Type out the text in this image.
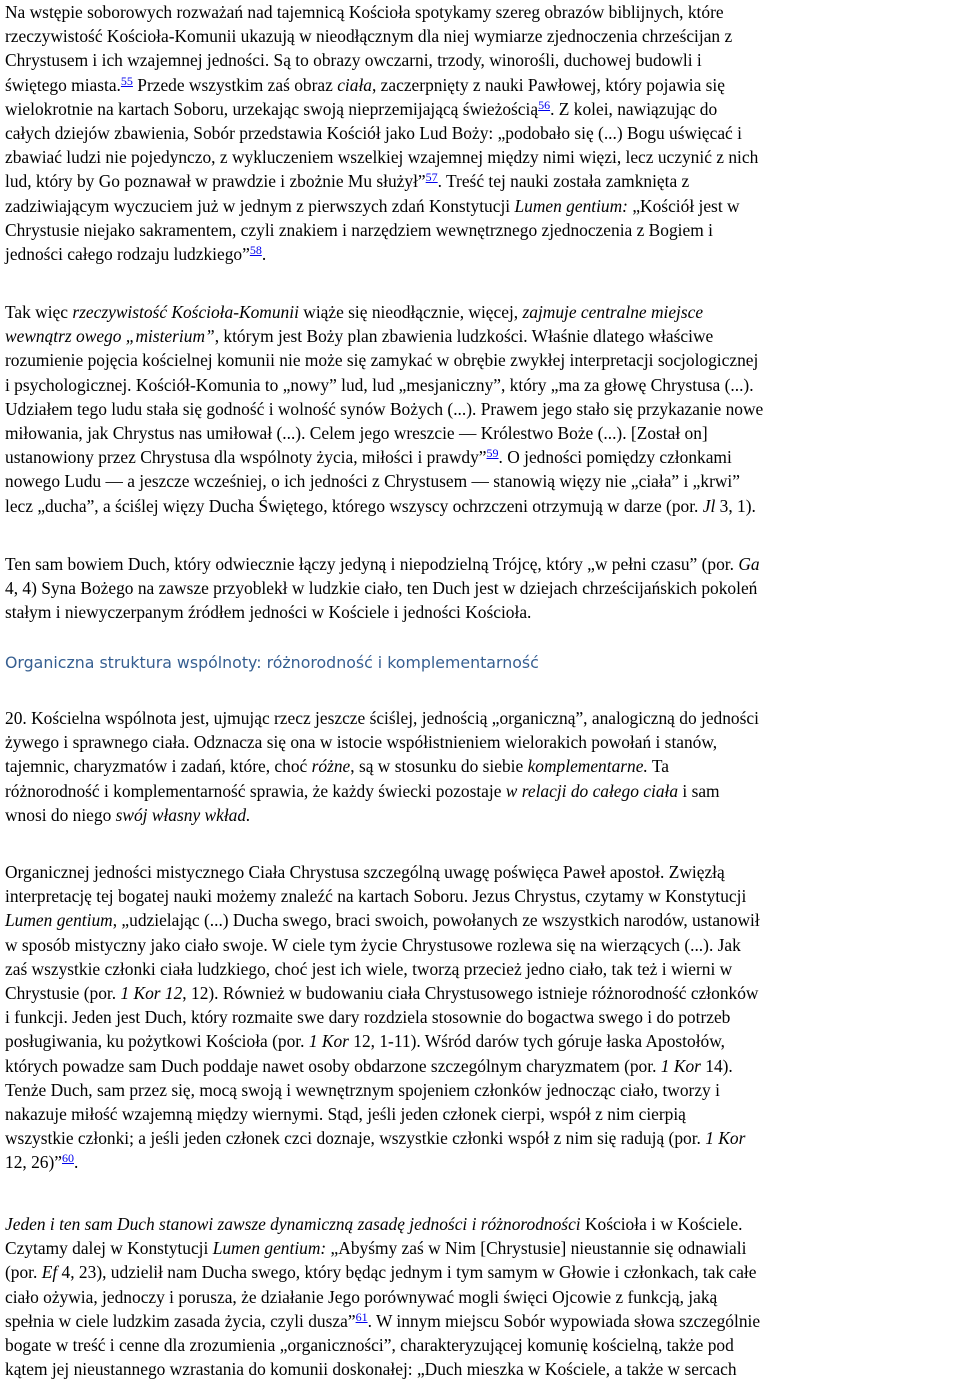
Na wstępie soborowych rozważań nad tajemnicą Kościoła spotykamy szereg obrazów biblijnych, które
rzeczywistość Kościoła-Komunii ukazują w nieodłącznym dla niej wymiarze zjednoczenia chrześcijan z
Chrystusem i ich wzajemnej jedności. Są to obrazy owczarni, trzody, winorośli, duchowej budowli i
świętego miasta.$^{55}$ Przede wszystkim zaś obraz ciała, zaczerpnięty z nauki Pawłowej, który pojawia się
wielokrotnie na kartach Soboru, urzekając swoją nieprzemijającą świeżością$^{56}$. Z kolei, nawiązując do
całych dziejów zbawienia, Sobór przedstawia Kościół jako Lud Boży: „podobało się (...) Bogu uświęcać i
zbawiać ludzi nie pojedynczo, z wykluczeniem wszelkiej wzajemnej między nimi więzi, lecz uczynić z nich
lud, który by Go poznawał w prawdzie i zbożnie Mu służył”$^{57}$. Treść tej nauki została zamknięta z
zadziwiającym wyczuciem już w jednym z pierwszych zdań Konstytucji Lumen gentium: „Kościół jest w
Chrystusie niejako sakramentem, czyli znakiem i narzędziem wewnętrznego zjednoczenia z Bogiem i
jedności całego rodzaju ludzkiego”$^{58}$.
Tak więc rzeczywistość Kościoła-Komunii wiąże się nieodłącznie, więcej, zajmuje centralne miejsce
wewnątrz owego „misterium”, którym jest Boży plan zbawienia ludzkości. Właśnie dlatego właściwe
rozumienie pojęcia kościelnej komunii nie może się zamykać w obrębie zwykłej interpretacji socjologicznej
i psychologicznej. Kościół-Komunia to „nowy” lud, lud „mesjaniczny”, który „ma za głowę Chrystusa (...).
Udziałem tego ludu stała się godność i wolność synów Bożych (...). Prawem jego stało się przykazanie nowe
miłowania, jak Chrystus nas umiłował (...). Celem jego wreszcie — Królestwo Boże (...). [Został on]
ustanowiony przez Chrystusa dla wspólnoty życia, miłości i prawdy”$^{59}$. O jedności pomiędzy członkami
nowego Ludu — a jeszcze wcześniej, o ich jedności z Chrystusem — stanowią więzy nie „ciała” i „krwi”
lecz „ducha”, a ściślej więzy Ducha Świętego, którego wszyscy ochrzczeni otrzymują w darze (por. Jl 3, 1).
Ten sam bowiem Duch, który odwiecznie łączy jedyną i niepodzielną Trójcę, który „w pełni czasu” (por. Ga
4, 4) Syna Bożego na zawsze przyoblekł w ludzkie ciało, ten Duch jest w dziejach chrześcijańskich pokoleń
stałym i niewyczerpanym źródłem jedności w Kościele i jedności Kościoła.
Organiczna struktura wspólnoty: różnorodność i komplementarność
20. Kościelna wspólnota jest, ujmując rzecz jeszcze ściślej, jednością „organiczną”, analogiczną do jedności
żywego i sprawnego ciała. Odznacza się ona w istocie współistnieniem wielorakich powołań i stanów,
tajemnic, charyzmatów i zadań, które, choć różne, są w stosunku do siebie komplementarne. Ta
różnorodność i komplementarność sprawia, że każdy świecki pozostaje w relacji do całego ciała i sam
wnosi do niego swój własny wkład.
Organicznej jedności mistycznego Ciała Chrystusa szczególną uwagę poświęca Paweł apostoł. Zwięzłą
interpretację tej bogatej nauki możemy znaleźć na kartach Soboru. Jezus Chrystus, czytamy w Konstytucji
Lumen gentium, „udzielając (...) Ducha swego, braci swoich, powołanych ze wszystkich narodów, ustanowił
w sposób mistyczny jako ciało swoje. W ciele tym życie Chrystusowe rozlewa się na wierzących (...). Jak
zaś wszystkie członki ciała ludzkiego, choć jest ich wiele, tworzą przecież jedno ciało, tak też i wierni w
Chrystusie (por. 1 Kor 12, 12). Również w budowaniu ciała Chrystusowego istnieje różnorodność członków
i funkcji. Jeden jest Duch, który rozmaite swe dary rozdziela stosownie do bogactwa swego i do potrzeb
posługiwania, ku pożytkowi Kościoła (por. 1 Kor 12, 1-11). Wśród darów tych góruje łaska Apostołów,
których powadze sam Duch poddaje nawet osoby obdarzone szczególnym charyzmatem (por. 1 Kor 14).
Tenże Duch, sam przez się, mocą swoją i wewnętrznym spojeniem członków jednocząc ciało, tworzy i
nakazuje miłość wzajemną między wiernymi. Stąd, jeśli jeden członek cierpi, współ z nim cierpią
wszystkie członki; a jeśli jeden członek czci doznaje, wszystkie członki współ z nim się radują (por. 1 Kor
12, 26)”$^{60}$.
Jeden i ten sam Duch stanowi zawsze dynamiczną zasadę jedności i różnorodności Kościoła i w Kościele.
Czytamy dalej w Konstytucji Lumen gentium: „Abyśmy zaś w Nim [Chrystusie] nieustannie się odnawiali
(por. Ef 4, 23), udzielił nam Ducha swego, który będąc jednym i tym samym w Głowie i członkach, tak całe
ciało ożywia, jednoczy i porusza, że działanie Jego porównywać mogli święci Ojcowie z funkcją, jaką
spełnia w ciele ludzkim zasada życia, czyli dusza”$^{61}$. W innym miejscu Sobór wypowiada słowa szczególnie
bogate w treść i cenne dla zrozumienia „organiczności”, charakteryzującej komunię kościelną, także pod
kątem jej nieustannego wzrastania do komunii doskonałej: „Duch mieszka w Kościele, a także w sercach
